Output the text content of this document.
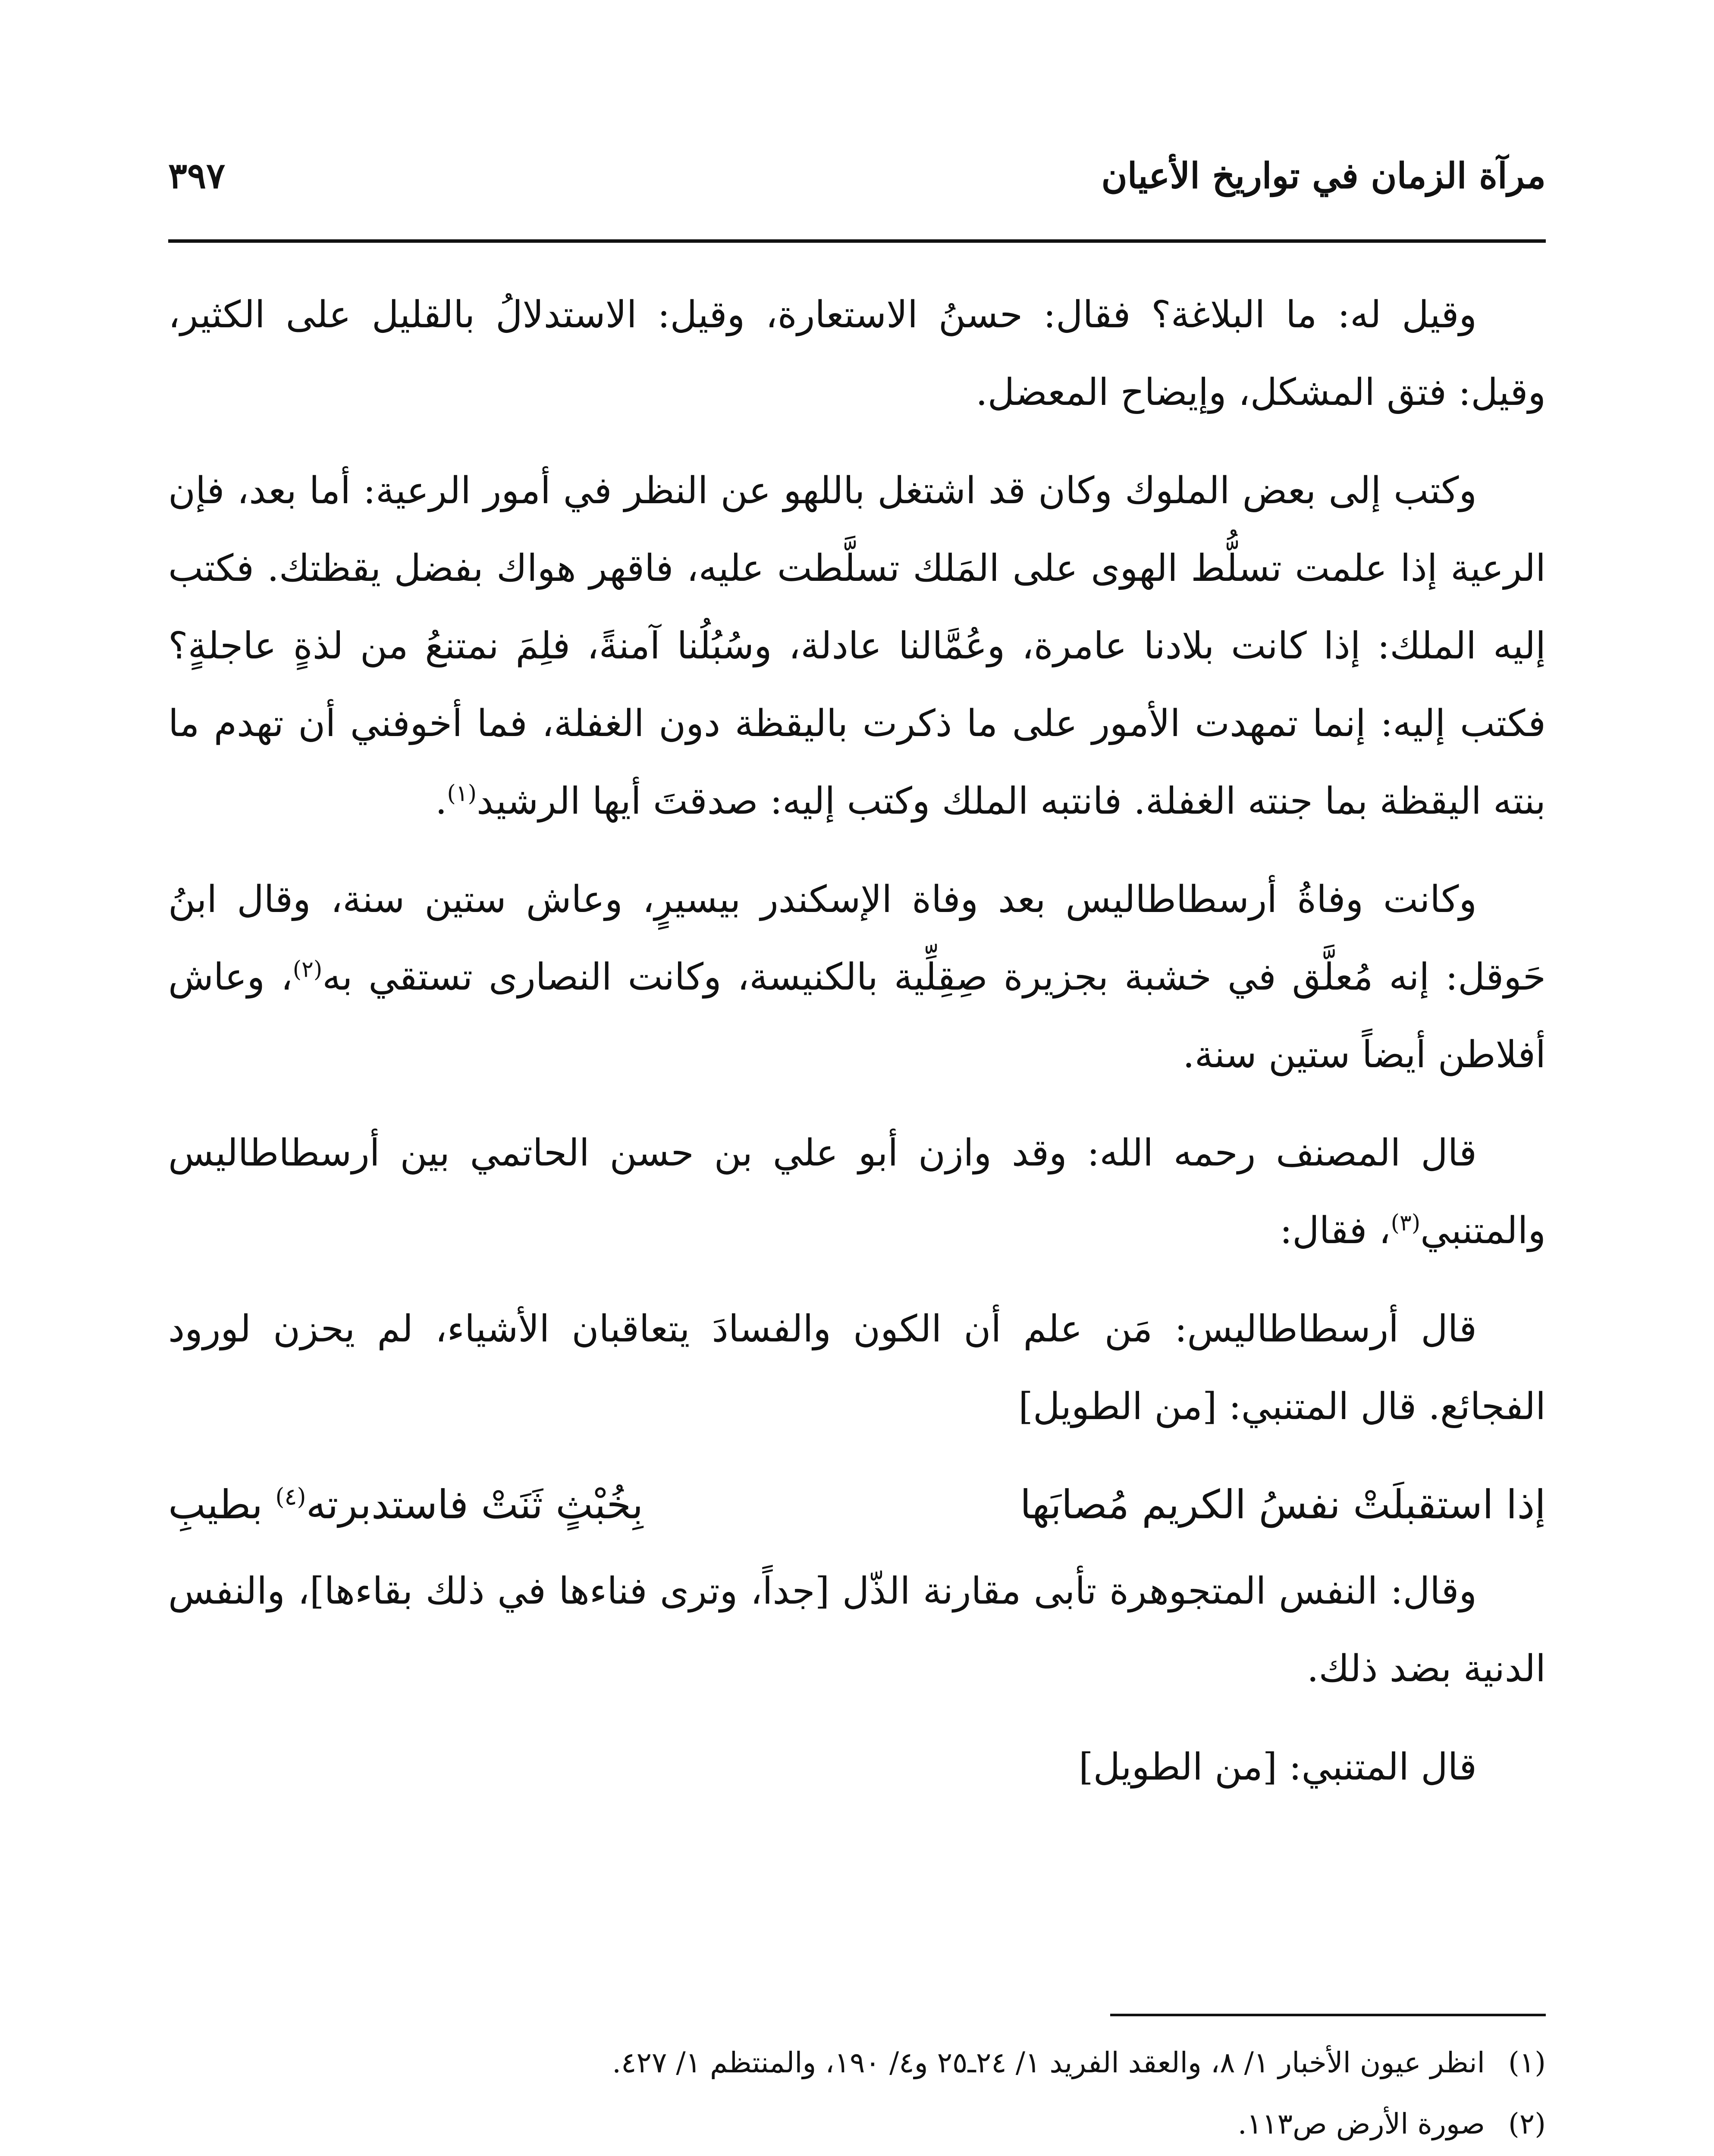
٣٩٧	مرآة الزمان في تواريخ الأعيان

وقيل له: ما البلاغة؟ فقال: حسنُ الاستعارة، وقيل: الاستدلالُ بالقليل على الكثير، وقيل: فتق المشكل، وإيضاح المعضل.

وكتب إلى بعض الملوك وكان قد اشتغل باللهو عن النظر في أمور الرعية: أما بعد، فإن الرعية إذا علمت تسلُّط الهوى على المَلك تسلَّطت عليه، فاقهر هواك بفضل يقظتك. فكتب إليه الملك: إذا كانت بلادنا عامرة، وعُمَّالنا عادلة، وسُبُلُنا آمنةً، فلِمَ نمتنعُ من لذةٍ عاجلةٍ؟ فكتب إليه: إنما تمهدت الأمور على ما ذكرت باليقظة دون الغفلة، فما أخوفني أن تهدم ما بنته اليقظة بما جنته الغفلة. فانتبه الملك وكتب إليه: صدقتَ أيها الرشيد$^{(١)}$.

وكانت وفاةُ أرسطاطاليس بعد وفاة الإسكندر بيسيرٍ، وعاش ستين سنة، وقال ابنُ حَوقل: إنه مُعلَّق في خشبة بجزيرة صِقِلِّية بالكنيسة، وكانت النصارى تستقي به$^{(٢)}$، وعاش أفلاطن أيضاً ستين سنة.

قال المصنف رحمه الله: وقد وازن أبو علي بن حسن الحاتمي بين أرسطاطاليس والمتنبي$^{(٣)}$، فقال:

قال أرسطاطاليس: مَن علم أن الكون والفسادَ يتعاقبان الأشياء، لم يحزن لورود الفجائع. قال المتنبي: [من الطويل]

إذا استقبلَتْ نفسُ الكريم مُصابَها
بِخُبْثٍ ثَنَتْ فاستدبرته$^{(٤)}$ بطيبِ

وقال: النفس المتجوهرة تأبى مقارنة الذّل [جداً، وترى فناءها في ذلك بقاءها]، والنفس الدنية بضد ذلك.

قال المتنبي: [من الطويل]

(١) انظر عيون الأخبار ١/ ٨، والعقد الفريد ١/ ٢٤ـ٢٥ و٤/ ١٩٠، والمنتظم ١/ ٤٢٧.
(٢) صورة الأرض ص١١٣.
